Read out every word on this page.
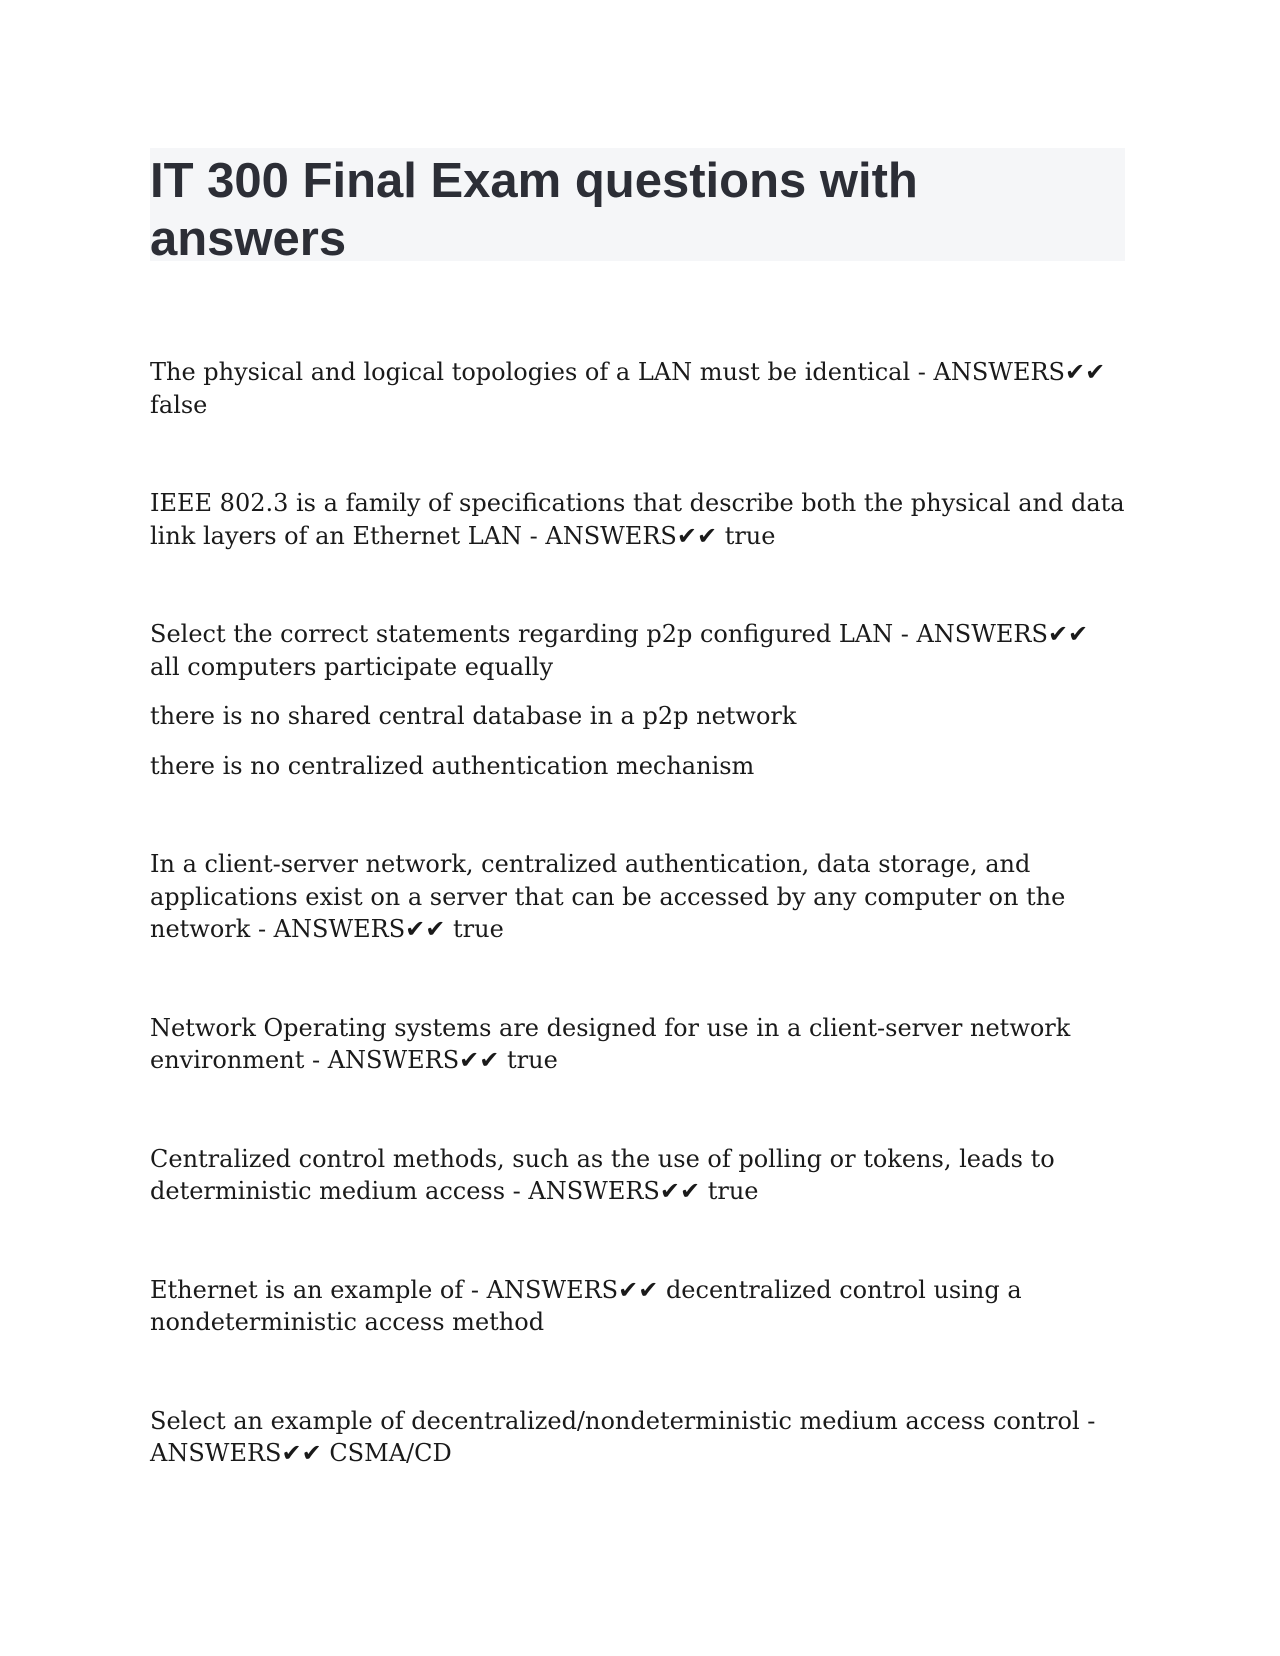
IT 300 Final Exam questions with answers

The physical and logical topologies of a LAN must be identical - ANSWERS✔✔ false

IEEE 802.3 is a family of specifications that describe both the physical and data link layers of an Ethernet LAN - ANSWERS✔✔ true

Select the correct statements regarding p2p configured LAN - ANSWERS✔✔ all computers participate equally

there is no shared central database in a p2p network

there is no centralized authentication mechanism

In a client-server network, centralized authentication, data storage, and applications exist on a server that can be accessed by any computer on the network - ANSWERS✔✔ true

Network Operating systems are designed for use in a client-server network environment - ANSWERS✔✔ true

Centralized control methods, such as the use of polling or tokens, leads to deterministic medium access - ANSWERS✔✔ true

Ethernet is an example of - ANSWERS✔✔ decentralized control using a nondeterministic access method

Select an example of decentralized/nondeterministic medium access control - ANSWERS✔✔ CSMA/CD
